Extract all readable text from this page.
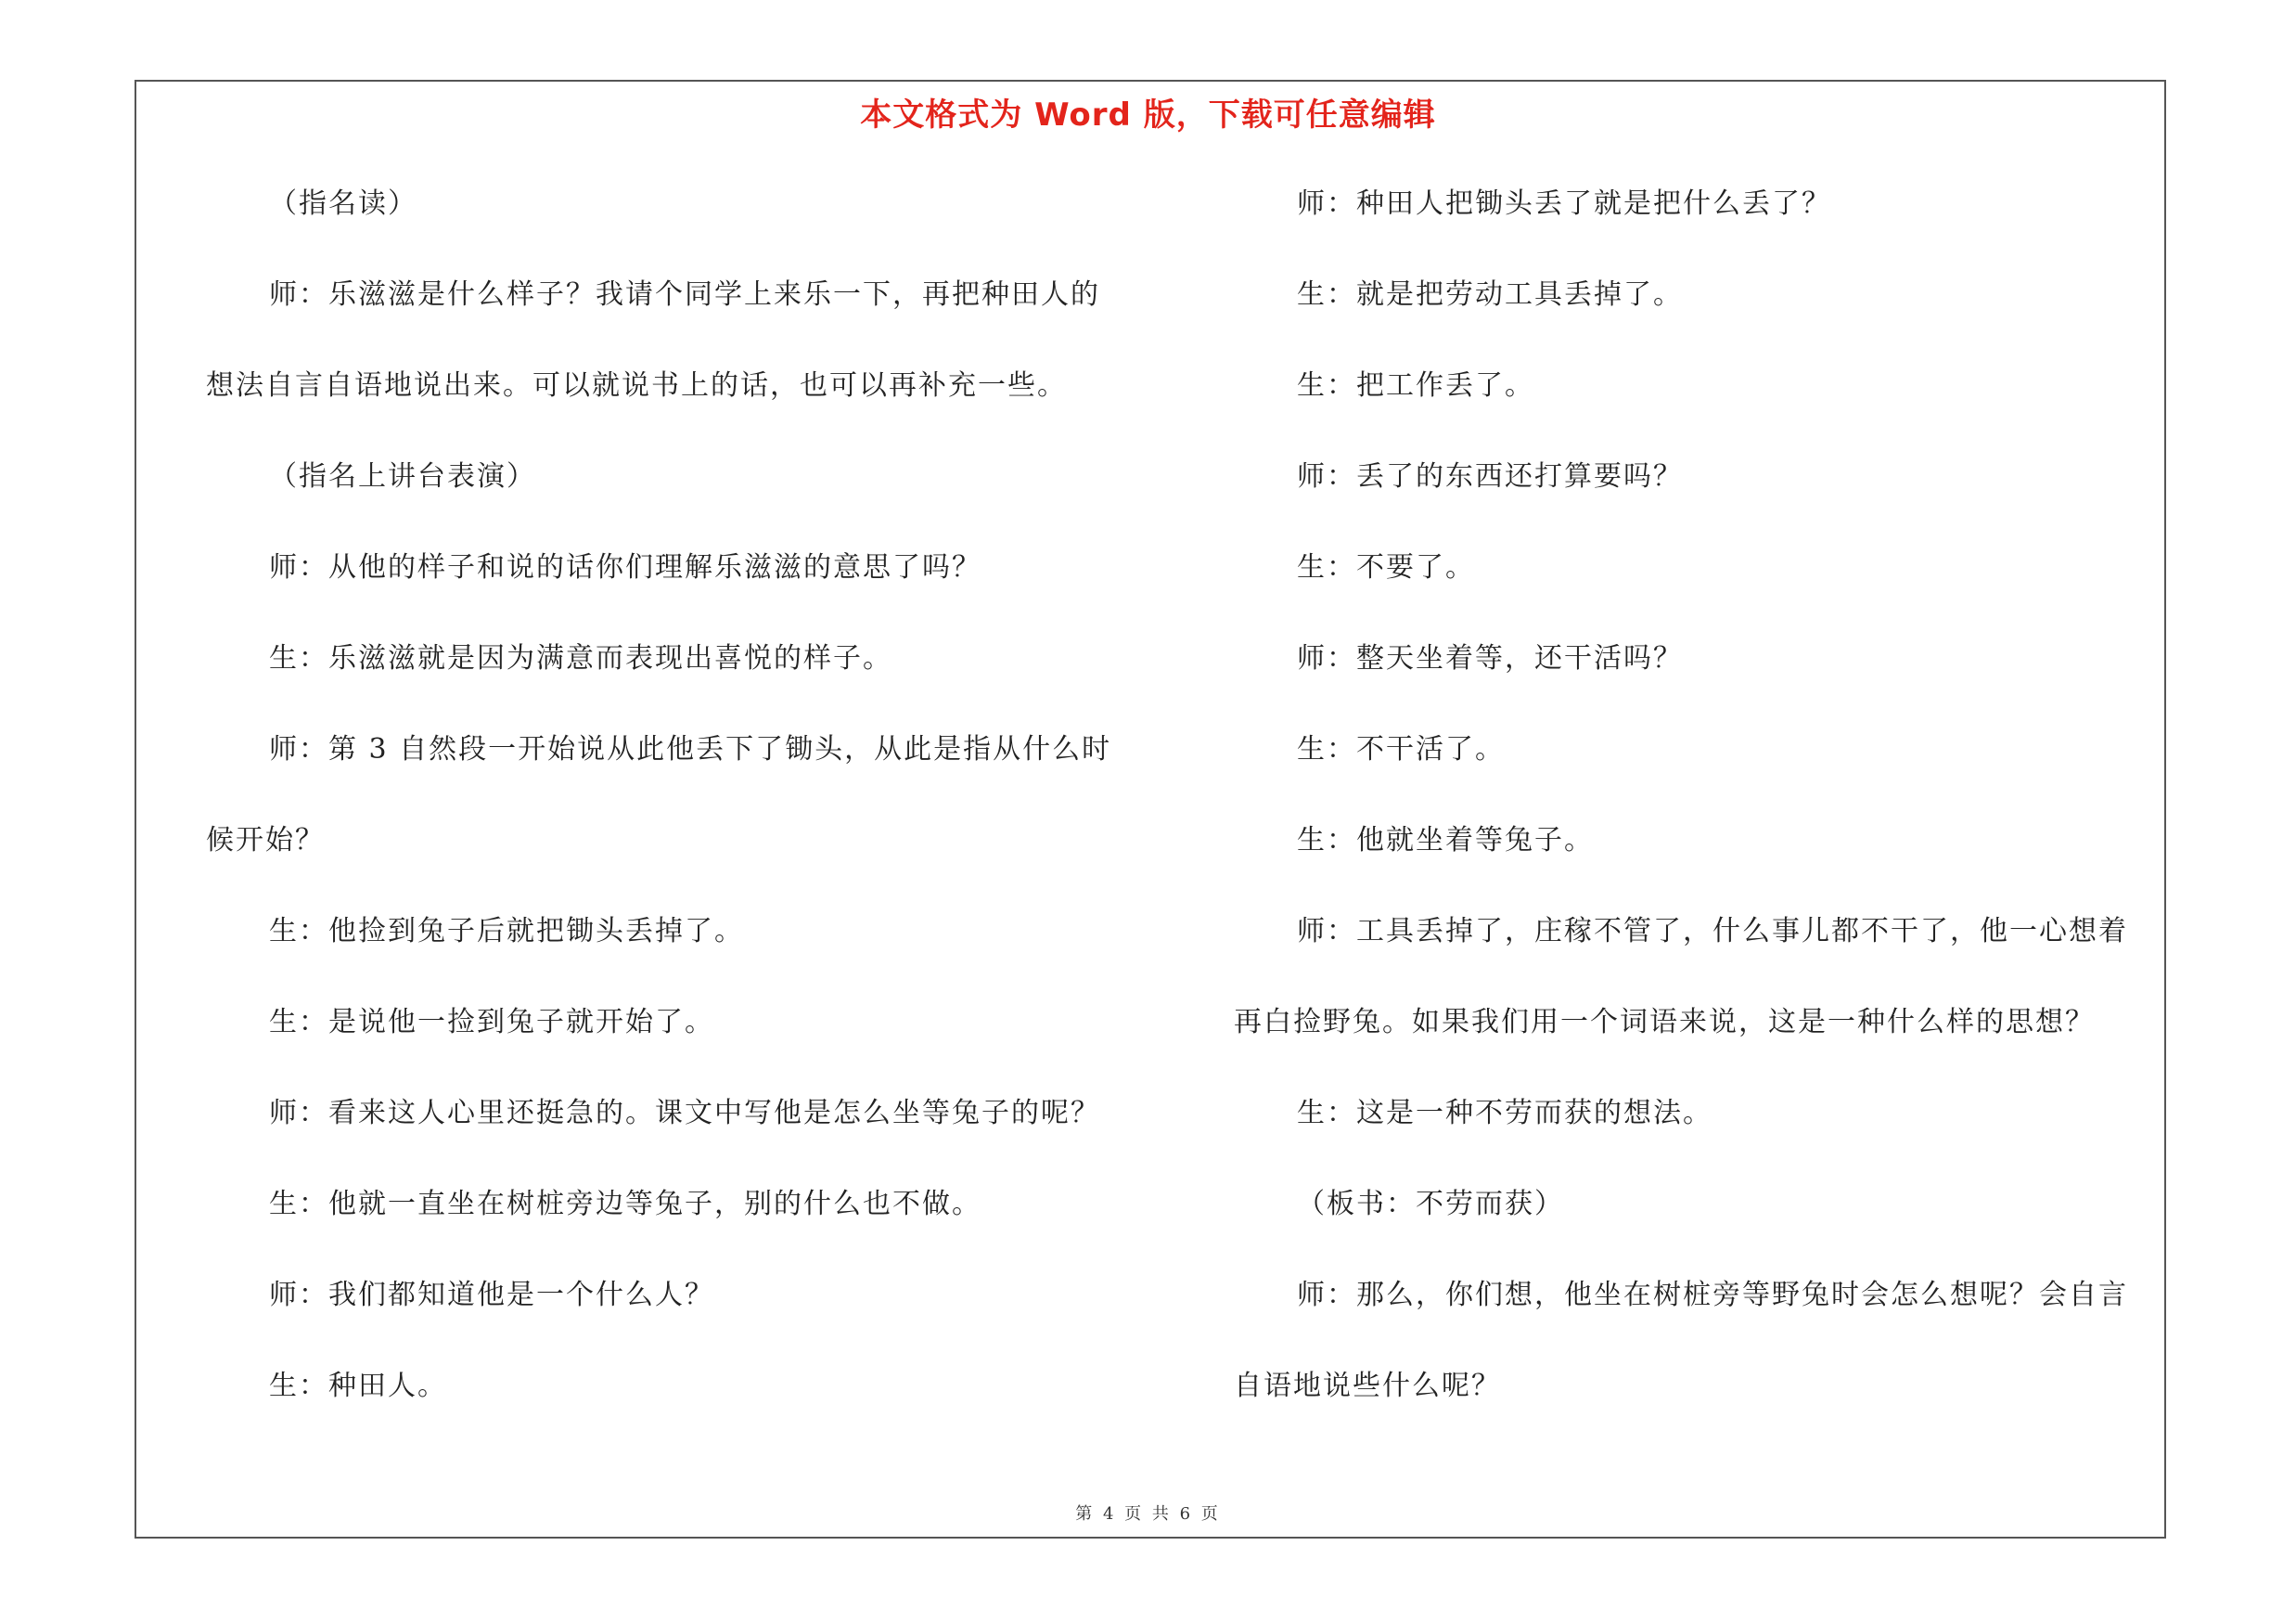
本文格式为 Word 版，下载可任意编辑
（指名读）
师：乐滋滋是什么样子？我请个同学上来乐一下，再把种田人的
想法自言自语地说出来。可以就说书上的话，也可以再补充一些。
（指名上讲台表演）
师：从他的样子和说的话你们理解乐滋滋的意思了吗？
生：乐滋滋就是因为满意而表现出喜悦的样子。
师：第 3 自然段一开始说从此他丢下了锄头，从此是指从什么时
候开始？
生：他捡到兔子后就把锄头丢掉了。
生：是说他一捡到兔子就开始了。
师：看来这人心里还挺急的。课文中写他是怎么坐等兔子的呢？
生：他就一直坐在树桩旁边等兔子，别的什么也不做。
师：我们都知道他是一个什么人？
生：种田人。
师：种田人把锄头丢了就是把什么丢了？
生：就是把劳动工具丢掉了。
生：把工作丢了。
师：丢了的东西还打算要吗？
生：不要了。
师：整天坐着等，还干活吗？
生：不干活了。
生：他就坐着等兔子。
师：工具丢掉了，庄稼不管了，什么事儿都不干了，他一心想着
再白捡野兔。如果我们用一个词语来说，这是一种什么样的思想？
生：这是一种不劳而获的想法。
（板书：不劳而获）
师：那么，你们想，他坐在树桩旁等野兔时会怎么想呢？会自言
自语地说些什么呢？
第 4 页 共 6 页
